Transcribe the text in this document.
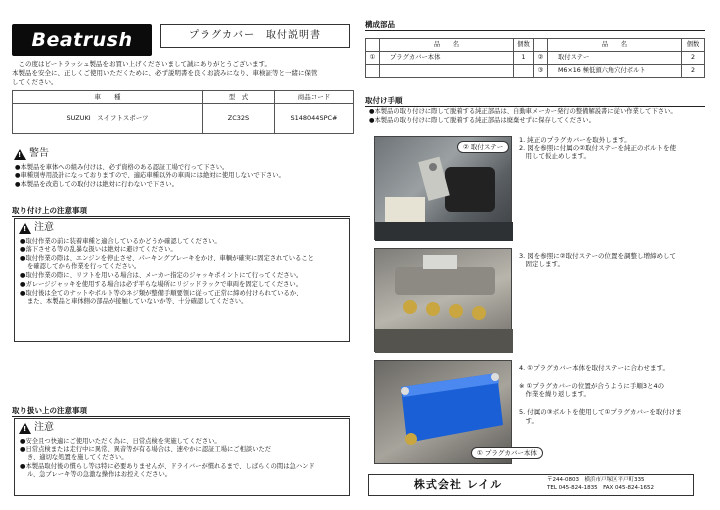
Beatrush	プラグカバー　取付説明書

　この度はビートラッシュ製品をお買い上げくださいまして誠にありがとうございます。

本製品を安全に、正しくご使用いただくために、必ず説明書を良くお読みになり、車検証等と一緒に保管

してください。

車　　種	型　式	商品コード
SUZUKI　スイフトスポーツ	ZC32S	S148044SPC#
! 警告
●本製品を車体への組み付けは、必ず資格のある認証工場で行って下さい。
●車種別専用設計になっておりますので、適応車種以外の車両には絶対に使用しないで下さい。
●本製品を改造しての取付けは絶対に行わないで下さい。
取り付け上の注意事項
! 注意
●取付作業の前に装着車種と適合しているかどうか確認してください。
●落下させる等の乱暴な扱いは絶対に避けてください。
●取付作業の際は、エンジンを停止させ、パーキングブレーキをかけ、車輌が確実に固定されていること
を確認してから作業を行ってください。
●取付作業の際に、リフトを用いる場合は、メーカー指定のジャッキポイントにて行ってください。
●ガレージジャッキを使用する場合は必ず平らな場所にリジッドラックで車両を固定してください。
●取付後は全てのナットやボルト等のネジ類が整備手順要領に従って正常に締め付けられているか、
また、本製品と車体側の部品が接触していないか等、十分確認してください。
取り扱い上の注意事項
! 注意
●安全且つ快適にご使用いただく為に、日常点検を実施してください。
●日常点検または走行中に異常、異音等が有る場合は、速やかに認証工場にご相談いただ
き、適切な処置を施してください。
●本製品取付後の慣らし等は特に必要ありませんが、ドライバーが慣れるまで、しばらくの間は急ハンド
ル、急ブレーキ等の急激な操作はお控えください。
構成部品
	品　　名	個数		品　　名	個数
①	プラグカバー本体	1	②	取付ステー	2
			③	M6×16 極低頭六角穴付ボルト	2
取付け手順
●本製品の取り付けに際して脱着する純正部品は、自動車メーカー発行の整備解説書に従い作業して下さい。
●本製品の取り付けに際して脱着する純正部品は廃棄せずに保存してください。
② 取付ステー
1. 純正のプラグカバーを取外します。
2. 図を参照に付属の②取付ステーを純正のボルトを使
　用して仮止めします。
3. 図を参照に②取付ステーの位置を調整し増締めして
　固定します。
① プラグカバー本体
4. ①プラグカバー本体を取付ステーに合わせます。
※ ①プラグカバーの位置が合うように手順3と4の
　作業を繰り返します。
5. 付属の③ボルトを使用して①プラグカバーを取付けま
　す。
株式会社 レイル	〒244-0803　横浜市戸塚区平戸町335
TEL 045-824-1835　FAX 045-824-1652
